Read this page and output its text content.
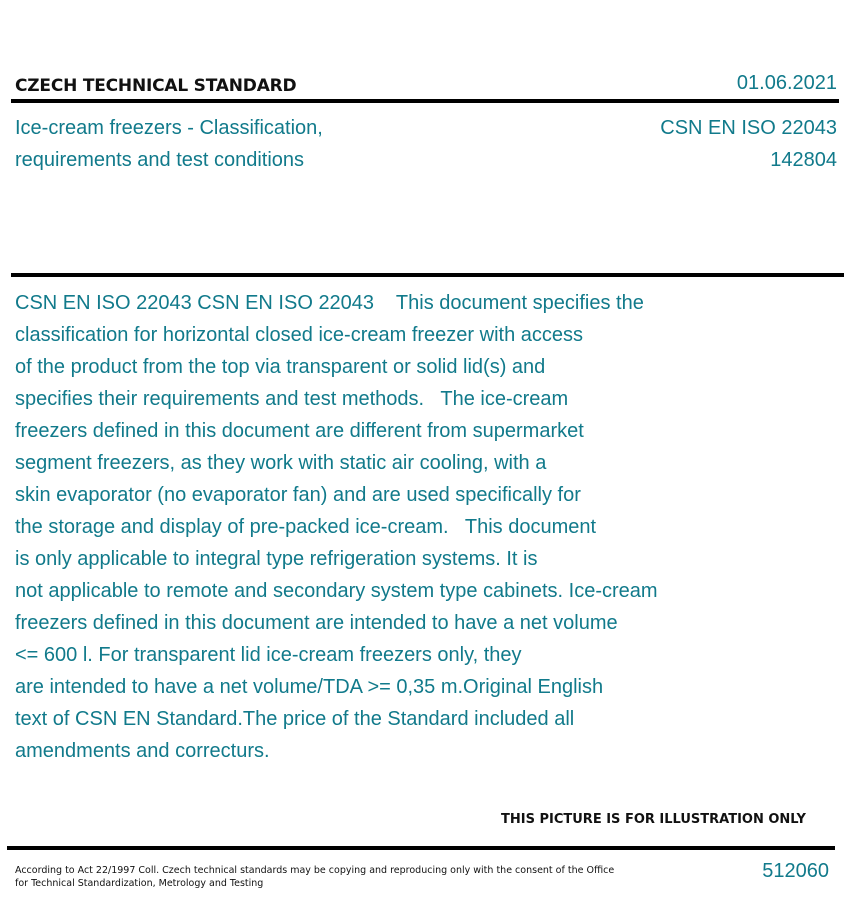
CZECH TECHNICAL STANDARD	01.06.2021
Ice-cream freezers - Classification,
requirements and test conditions
CSN EN ISO 22043
142804
CSN EN ISO 22043 CSN EN ISO 22043    This document specifies the
classification for horizontal closed ice-cream freezer with access
of the product from the top via transparent or solid lid(s) and
specifies their requirements and test methods.   The ice-cream
freezers defined in this document are different from supermarket
segment freezers, as they work with static air cooling, with a
skin evaporator (no evaporator fan) and are used specifically for
the storage and display of pre-packed ice-cream.   This document
is only applicable to integral type refrigeration systems. It is
not applicable to remote and secondary system type cabinets. Ice-cream
freezers defined in this document are intended to have a net volume
<= 600 l. For transparent lid ice-cream freezers only, they
are intended to have a net volume/TDA >= 0,35 m.Original English
text of CSN EN Standard.The price of the Standard included all
amendments and correcturs.
THIS PICTURE IS FOR ILLUSTRATION ONLY
According to Act 22/1997 Coll. Czech technical standards may be copying and reproducing only with the consent of the Office
for Technical Standardization, Metrology and Testing
512060
